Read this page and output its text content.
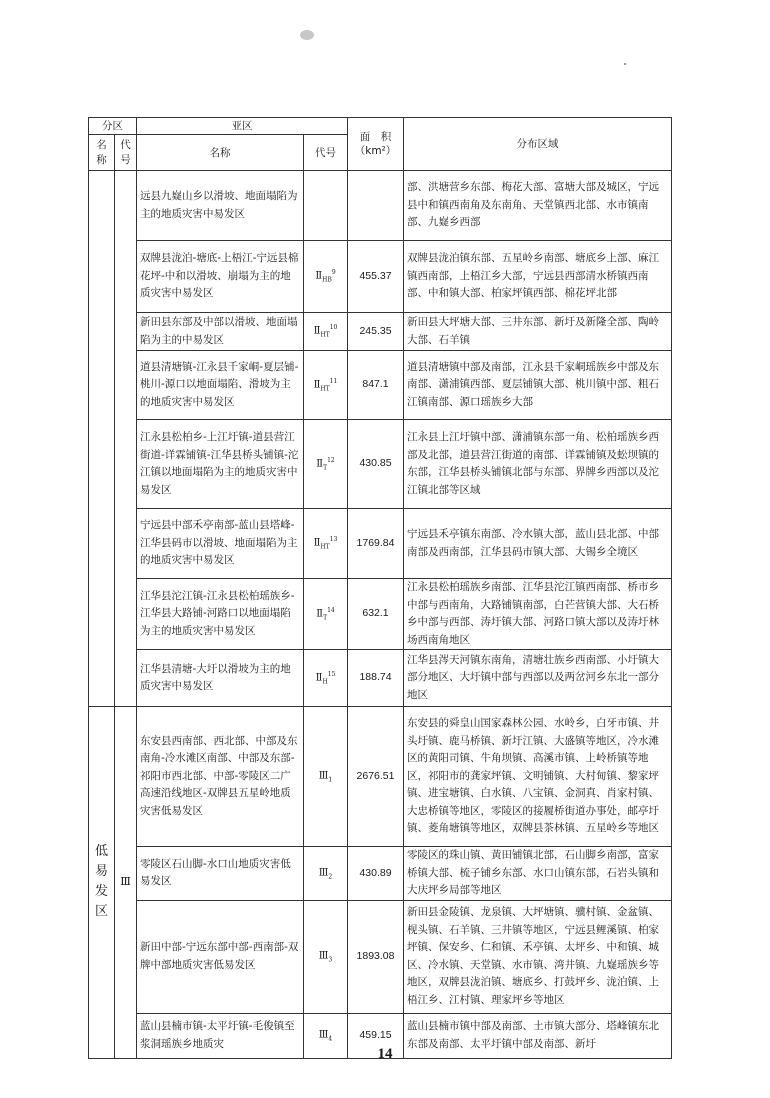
分区		亚区		面　积
（km²）	分布区域
名称	代号	名称	代号		
		远县九嶷山乡以滑坡、地面塌陷为主的地质灾害中易发区			部、洪塘营乡东部、梅花大部、富塘大部及城区，宁远县中和镇西南角及东南角、天堂镇西北部、水市镇南部、九嶷乡西部
		双牌县泷泊-塘底-上梧江-宁远县棉花坪-中和以滑坡、崩塌为主的地质灾害中易发区	$Ⅱ_{HB}^9$	455.37	双牌县泷泊镇东部、五星岭乡南部、塘底乡上部、麻江镇西南部，上梧江乡大部，宁远县西部清水桥镇西南部、中和镇大部、柏家坪镇西部、棉花坪北部
		新田县东部及中部以滑坡、地面塌陷为主的中易发区	$Ⅱ_{HT}^{10}$	245.35	新田县大坪塘大部、三井东部、新圩及新隆全部、陶岭大部、石羊镇
		道县清塘镇-江永县千家峒-夏层铺-桃川-源口以地面塌陷、滑坡为主的地质灾害中易发区	$Ⅱ_{HT}^{11}$	847.1	道县清塘镇中部及南部，江永县千家峒瑶族乡中部及东南部、潇浦镇西部、夏层铺镇大部、桃川镇中部、粗石江镇南部、源口瑶族乡大部
		江永县松柏乡-上江圩镇-道县营江街道-详霖铺镇-江华县桥头铺镇-沱江镇以地面塌陷为主的地质灾害中易发区	$Ⅱ_T^{12}$	430.85	江永县上江圩镇中部、潇浦镇东部一角、松柏瑶族乡西部及北部，道县营江街道的南部、详霖铺镇及蚣坝镇的东部，江华县桥头铺镇北部与东部、界牌乡西部以及沱江镇北部等区域
		宁远县中部禾亭南部-蓝山县塔峰-江华县码市以滑坡、地面塌陷为主的地质灾害中易发区	$Ⅱ_{HT}^{13}$	1769.84	宁远县禾亭镇东南部、冷水镇大部，蓝山县北部、中部南部及西南部，江华县码市镇大部、大锡乡全境区
		江华县沱江镇-江永县松柏瑶族乡-江华县大路铺-河路口以地面塌陷为主的地质灾害中易发区	$Ⅱ_T^{14}$	632.1	江永县松柏瑶族乡南部、江华县沱江镇西南部、桥市乡中部与西南角，大路铺镇南部，白芒营镇大部、大石桥乡中部与西部、涛圩镇大部、河路口镇大部以及涛圩林场西南角地区
		江华县清塘-大圩以滑坡为主的地质灾害中易发区	$Ⅱ_H^{15}$	188.74	江华县涔天河镇东南角，清塘壮族乡西南部、小圩镇大部分地区、大圩镇中部与西部以及两岔河乡东北一部分地区
低易发区	Ⅲ	东安县西南部、西北部、中部及东南角-冷水滩区南部、中部及东部-祁阳市西北部、中部-零陵区二广高速沿线地区-双牌县五星岭地质灾害低易发区	$Ⅲ_1$	2676.51	东安县的舜皇山国家森林公园、水岭乡，白牙市镇、井头圩镇、鹿马桥镇、新圩江镇、大盛镇等地区，冷水滩区的黄阳司镇、牛角坝镇、高溪市镇、上岭桥镇等地区，祁阳市的龚家坪镇、文明铺镇、大村甸镇、黎家坪镇、进宝塘镇、白水镇、八宝镇、金洞真、肖家村镇、大忠桥镇等地区，零陵区的接履桥街道办事处，邮亭圩镇、菱角塘镇等地区，双牌县茶林镇、五星岭乡等地区
		零陵区石山脚-水口山地质灾害低易发区	$Ⅲ_2$	430.89	零陵区的珠山镇、黄田铺镇北部，石山脚乡南部，富家桥镇大部、梳子铺乡东部、水口山镇东部，石岩头镇和大庆坪乡局部等地区
		新田中部-宁远东部中部-西南部-双牌中部地质灾害低易发区	$Ⅲ_3$	1893.08	新田县金陵镇、龙泉镇、大坪塘镇、骥村镇、金盆镇、枧头镇、石羊镇、三井镇等地区，宁远县鲤溪镇、柏家坪镇、保安乡、仁和镇、禾亭镇、太坪乡、中和镇、城区、冷水镇、天堂镇、水市镇、湾井镇、九嶷瑶族乡等地区，双牌县泷泊镇、塘底乡、打鼓坪乡、泷泊镇、上梧江乡、江村镇、理家坪乡等地区
		蓝山县楠市镇-太平圩镇-毛俊镇至浆洞瑶族乡地质灾	$Ⅲ_4$	459.15	蓝山县楠市镇中部及南部、土市镇大部分、塔峰镇东北东部及南部、太平圩镇中部及南部、新圩
14
